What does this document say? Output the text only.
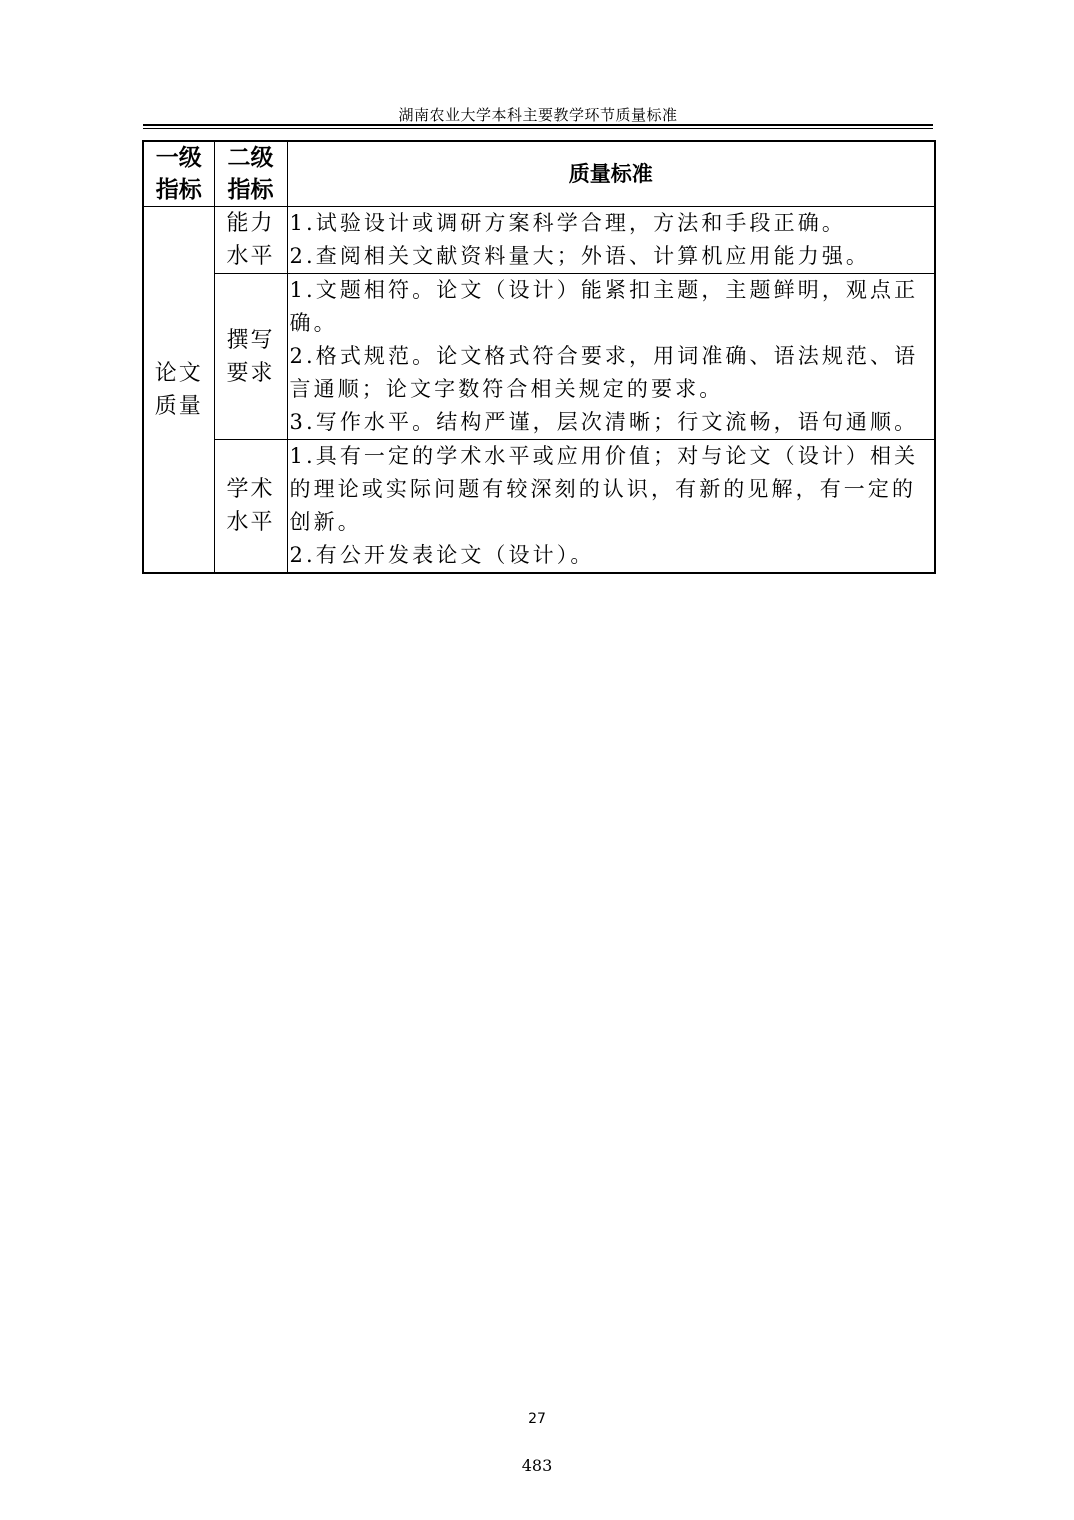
湖南农业大学本科主要教学环节质量标准
一级指标	二级指标	质量标准
论文质量	能力水平	1.试验设计或调研方案科学合理，方法和手段正确。
2.查阅相关文献资料量大；外语、计算机应用能力强。

	撰写要求	1.文题相符。论文（设计）能紧扣主题，主题鲜明，观点正确。
2.格式规范。论文格式符合要求，用词准确、语法规范、语言通顺；论文字数符合相关规定的要求。
3.写作水平。结构严谨，层次清晰；行文流畅，语句通顺。

	学术水平	1.具有一定的学术水平或应用价值；对与论文（设计）相关的理论或实际问题有较深刻的认识，有新的见解，有一定的创新。
2.有公开发表论文（设计）。
27
483
